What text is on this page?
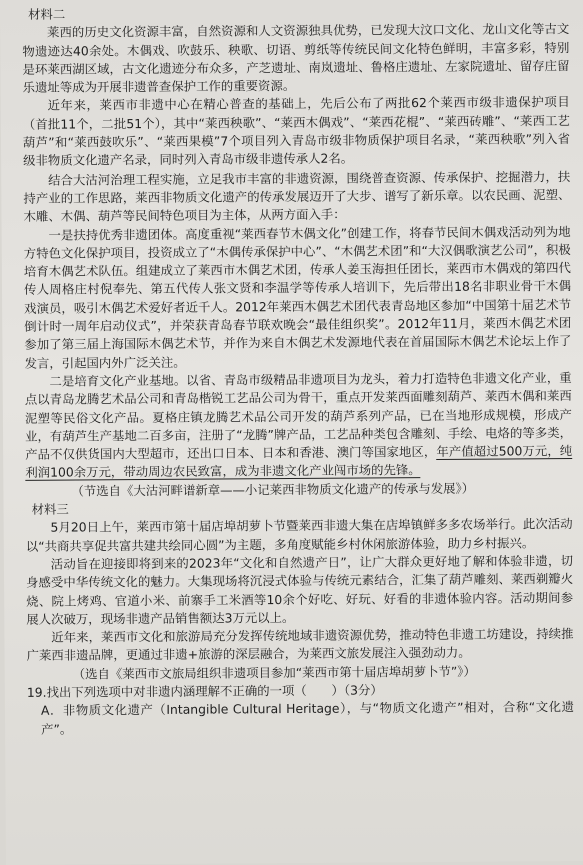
材料二

莱西的历史文化资源丰富，自然资源和人文资源独具优势，已发现大汶口文化、龙山文化等古文物遗迹达40余处。木偶戏、吹鼓乐、秧歌、切语、剪纸等传统民间文化特色鲜明，丰富多彩，特别是环莱西湖区域，古文化遗迹分布众多，产芝遗址、南岚遗址、鲁格庄遗址、左家院遗址、留存庄留乐遗址等成为开展非遗普查保护工作的重要资源。

近年来，莱西市非遗中心在精心普查的基础上，先后公布了两批62个莱西市级非遗保护项目（首批11个，二批51个），其中“莱西秧歌”、“莱西木偶戏”、“莱西花棍”、“莱西砖雕”、“莱西工艺葫芦”和“莱西鼓吹乐”、“莱西果模”7个项目列入青岛市级非物质保护项目名录，“莱西秧歌”列入省级非物质文化遗产名录，同时列入青岛市级非遗传承人2名。

结合大沽河治理工程实施，立足我市丰富的非遗资源，围绕普查资源、传承保护、挖掘潜力，扶持产业的工作思路，莱西非物质文化遗产的传承发展迈开了大步、谱写了新乐章。以农民画、泥塑、木雕、木偶、葫芦等民间特色项目为主体，从两方面入手：

一是扶持优秀非遗团体。高度重视“莱西春节木偶文化”创建工作，将春节民间木偶戏活动列为地方特色文化保护项目，投资成立了“木偶传承保护中心”、“木偶艺术团”和“大汉偶歌演艺公司”，积极培育木偶艺术队伍。组建成立了莱西市木偶艺术团，传承人姜玉海担任团长，莱西市木偶戏的第四代传人周格庄村倪奉先、第五代传人张文贤和李温学等传承人培训下，先后带出18名非职业骨干木偶戏演员，吸引木偶艺术爱好者近千人。2012年莱西木偶艺术团代表青岛地区参加“中国第十届艺术节倒计时一周年启动仪式”，并荣获青岛春节联欢晚会“最佳组织奖”。2012年11月，莱西木偶艺术团参加了第三届上海国际木偶艺术节，并作为来自木偶艺术发源地代表在首届国际木偶艺术论坛上作了发言，引起国内外广泛关注。

二是培育文化产业基地。以省、青岛市级精品非遗项目为龙头，着力打造特色非遗文化产业，重点以青岛龙腾艺术品公司和青岛楷锐工艺品公司为骨干，重点开发莱西面雕刻葫芦、莱西木偶和莱西泥塑等民俗文化产品。夏格庄镇龙腾艺术品公司开发的葫芦系列产品，已在当地形成规模，形成产业，有葫芦生产基地二百多亩，注册了“龙腾”牌产品，工艺品种类包含雕刻、手绘、电烙的等多类，产品不仅供货国内大型超市，还出口日本、日本和香港、澳门等国家地区，年产值超过500万元，纯利润100余万元，带动周边农民致富，成为非遗文化产业闯市场的先锋。

（节选自《大沽河畔谱新章——小记莱西非物质文化遗产的传承与发展》）

材料三

5月20日上午，莱西市第十届店埠胡萝卜节暨莱西非遗大集在店埠镇鲜多多农场举行。此次活动以“共商共享促共富共建共绘同心圆”为主题，多角度赋能乡村休闲旅游体验，助力乡村振兴。

活动旨在迎接即将到来的2023年“文化和自然遗产日”，让广大群众更好地了解和体验非遗，切身感受中华传统文化的魅力。大集现场将沉浸式体验与传统元素结合，汇集了葫芦雕刻、莱西剃瓣火烧、院上烤鸡、官道小米、前寨手工米酒等10余个好吃、好玩、好看的非遗体验内容。活动期间参展人次破万，现场非遗产品销售额达3万元以上。

近年来，莱西市文化和旅游局充分发挥传统地域非遗资源优势，推动特色非遗工坊建设，持续推广莱西非遗品牌，更通过非遗+旅游的深层融合，为莱西文旅发展注入强劲动力。

（选自《莱西市文旅局组织非遗项目参加“莱西市第十届店埠胡萝卜节”》）

19.找出下列选项中对非遗内涵理解不正确的一项（　　）（3分）

A．非物质文化遗产（Intangible Cultural Heritage），与“物质文化遗产”相对，合称“文化遗产”。
